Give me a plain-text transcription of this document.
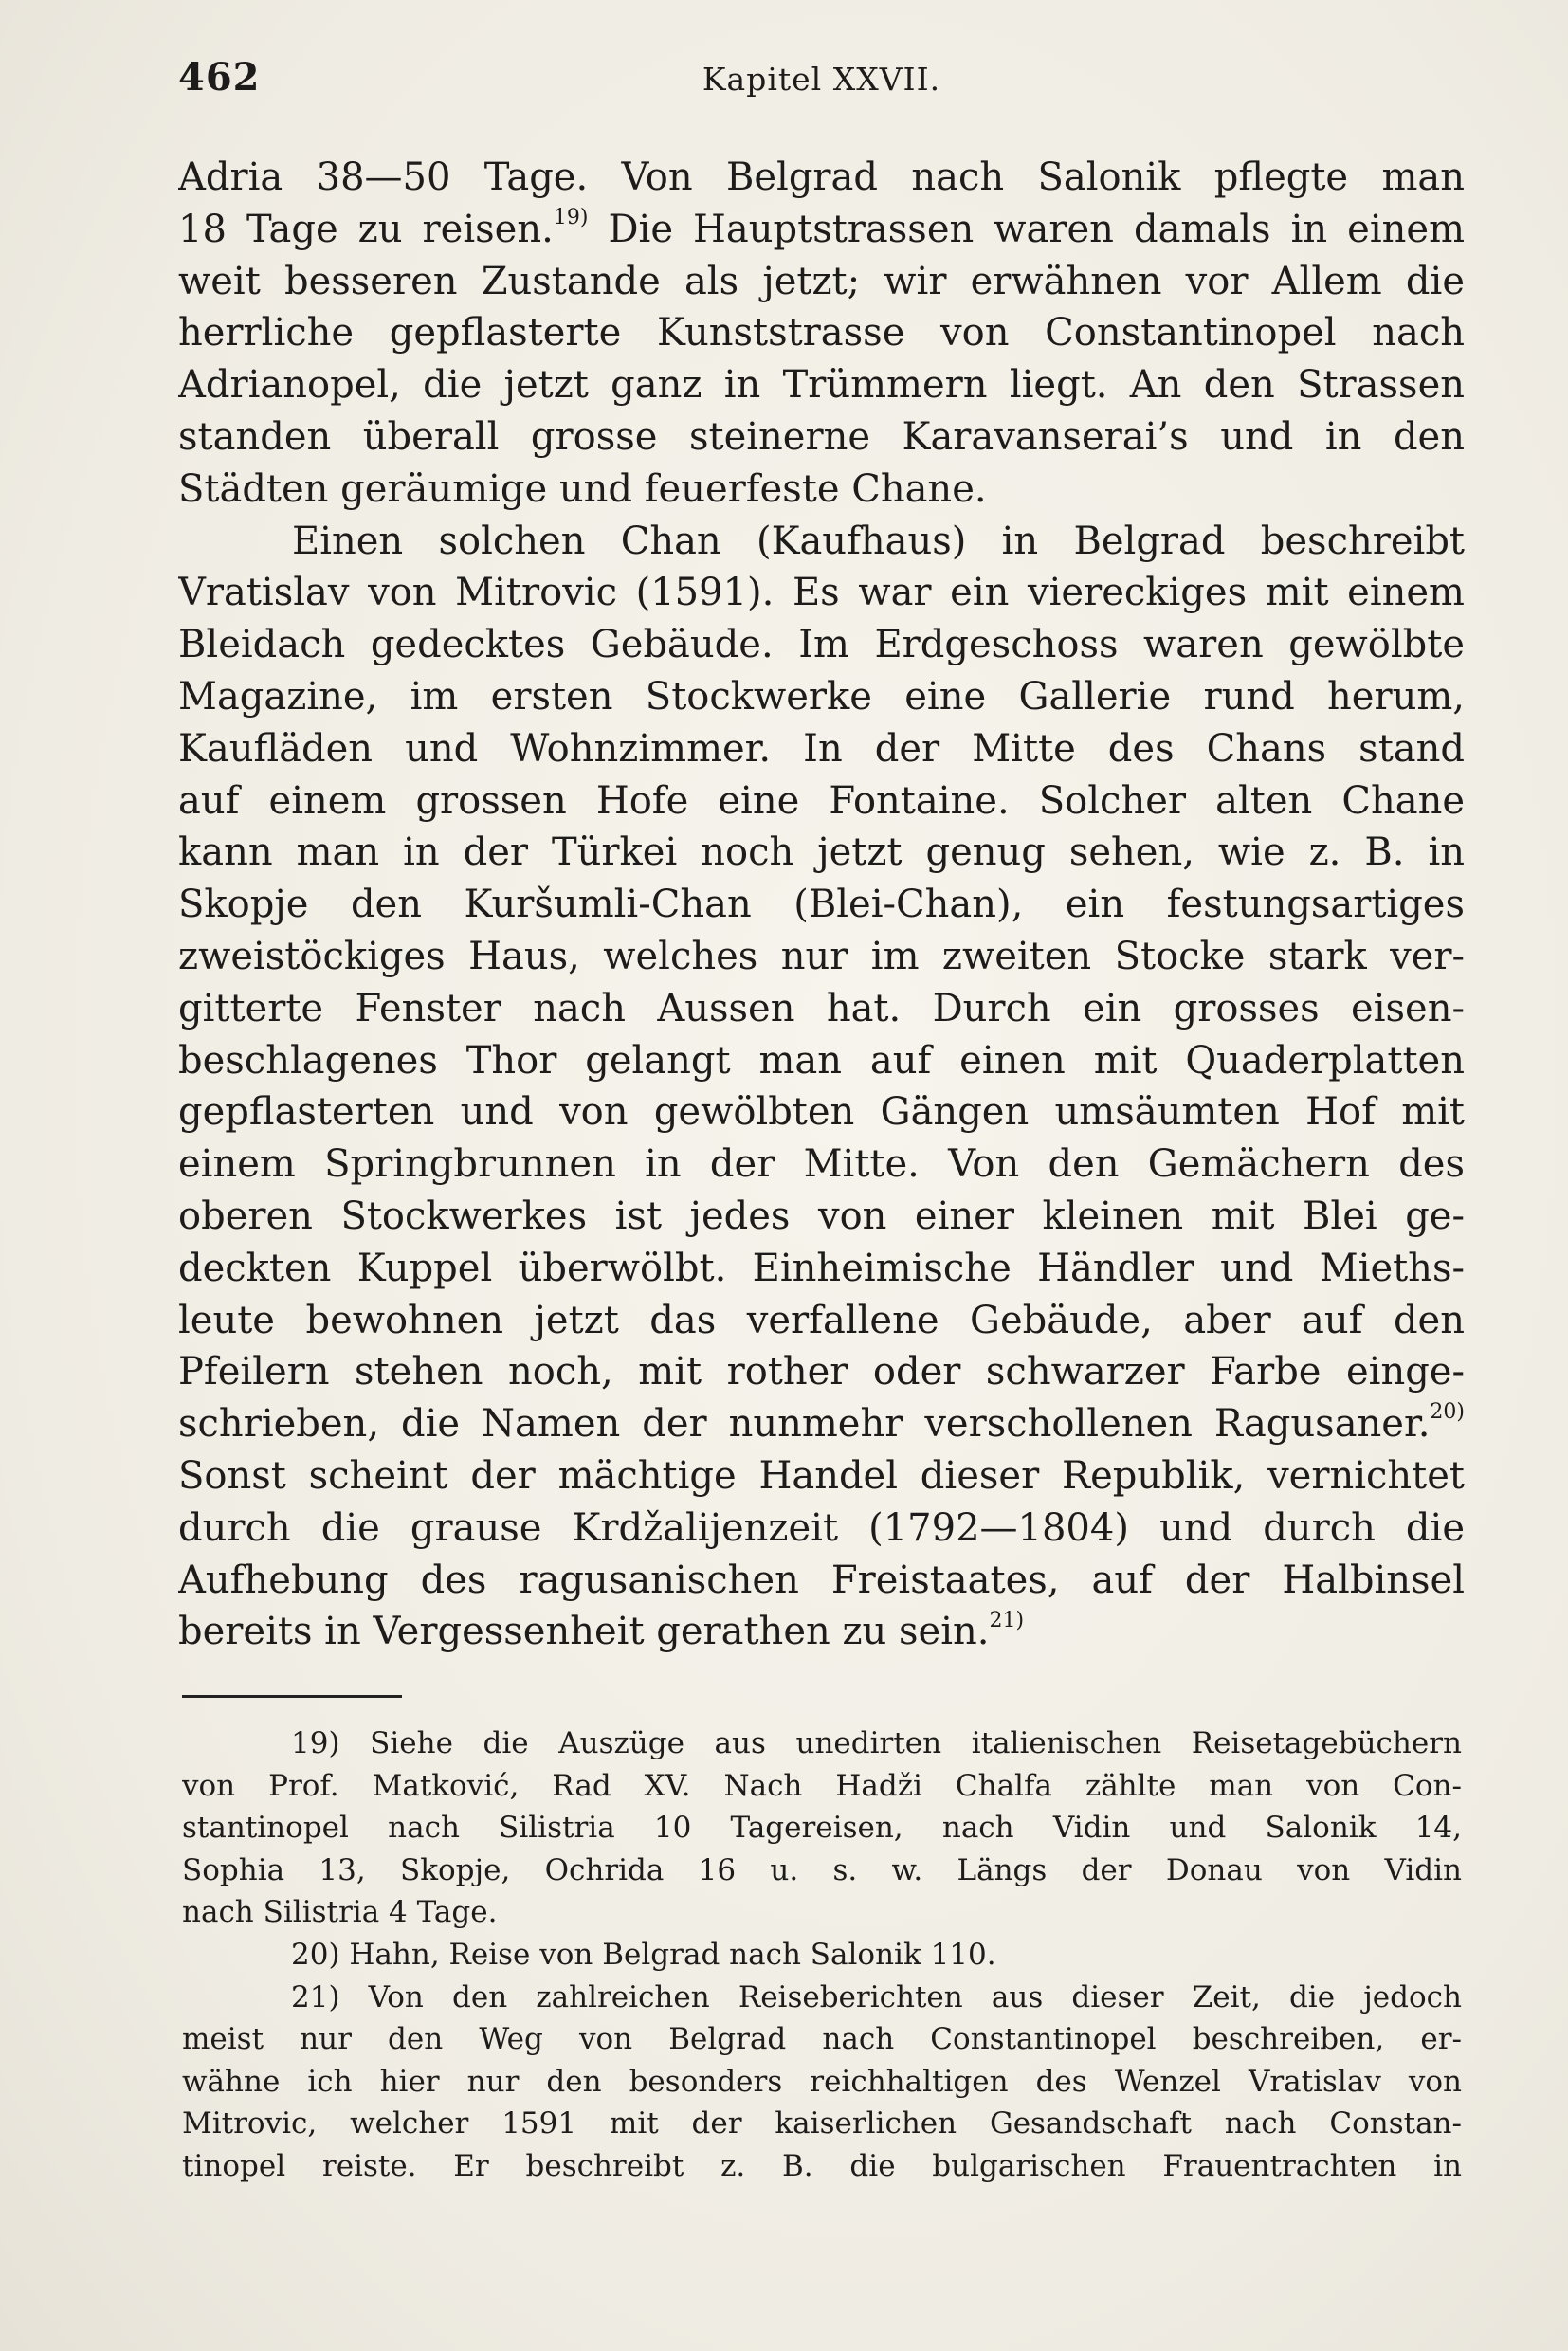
462	Kapitel XXVII.
Adria 38—50 Tage. Von Belgrad nach Salonik pflegte man
18 Tage zu reisen.$^{19)}$ Die Hauptstrassen waren damals in einem
weit besseren Zustande als jetzt; wir erwähnen vor Allem die
herrliche gepflasterte Kunststrasse von Constantinopel nach
Adrianopel, die jetzt ganz in Trümmern liegt. An den Strassen
standen überall grosse steinerne Karavanserai’s und in den
Städten geräumige und feuerfeste Chane.
Einen solchen Chan (Kaufhaus) in Belgrad beschreibt
Vratislav von Mitrovic (1591). Es war ein viereckiges mit einem
Bleidach gedecktes Gebäude. Im Erdgeschoss waren gewölbte
Magazine, im ersten Stockwerke eine Gallerie rund herum,
Kaufläden und Wohnzimmer. In der Mitte des Chans stand
auf einem grossen Hofe eine Fontaine. Solcher alten Chane
kann man in der Türkei noch jetzt genug sehen, wie z. B. in
Skopje den Kuršumli-Chan (Blei-Chan), ein festungsartiges
zweistöckiges Haus, welches nur im zweiten Stocke stark ver-
gitterte Fenster nach Aussen hat. Durch ein grosses eisen-
beschlagenes Thor gelangt man auf einen mit Quaderplatten
gepflasterten und von gewölbten Gängen umsäumten Hof mit
einem Springbrunnen in der Mitte. Von den Gemächern des
oberen Stockwerkes ist jedes von einer kleinen mit Blei ge-
deckten Kuppel überwölbt. Einheimische Händler und Mieths-
leute bewohnen jetzt das verfallene Gebäude, aber auf den
Pfeilern stehen noch, mit rother oder schwarzer Farbe einge-
schrieben, die Namen der nunmehr verschollenen Ragusaner.$^{20)}$
Sonst scheint der mächtige Handel dieser Republik, vernichtet
durch die grause Krdžalijenzeit (1792—1804) und durch die
Aufhebung des ragusanischen Freistaates, auf der Halbinsel
bereits in Vergessenheit gerathen zu sein.$^{21)}$
19) Siehe die Auszüge aus unedirten italienischen Reisetagebüchern
von Prof. Matković, Rad XV. Nach Hadži Chalfa zählte man von Con-
stantinopel nach Silistria 10 Tagereisen, nach Vidin und Salonik 14,
Sophia 13, Skopje, Ochrida 16 u. s. w. Längs der Donau von Vidin
nach Silistria 4 Tage.
20) Hahn, Reise von Belgrad nach Salonik 110.
21) Von den zahlreichen Reiseberichten aus dieser Zeit, die jedoch
meist nur den Weg von Belgrad nach Constantinopel beschreiben, er-
wähne ich hier nur den besonders reichhaltigen des Wenzel Vratislav von
Mitrovic, welcher 1591 mit der kaiserlichen Gesandschaft nach Constan-
tinopel reiste. Er beschreibt z. B. die bulgarischen Frauentrachten in
